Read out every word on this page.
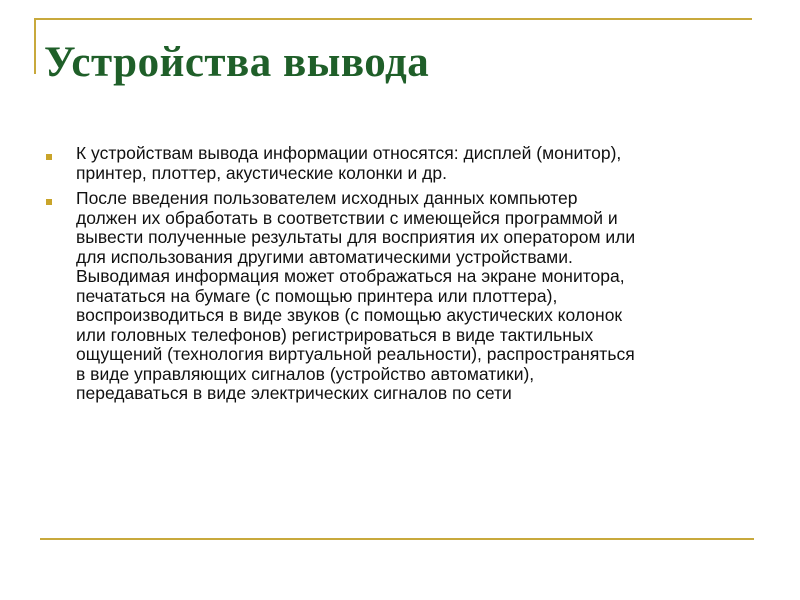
Устройства вывода
К устройствам вывода информации относятся: дисплей (монитор),
принтер, плоттер, акустические колонки и др.
После введения пользователем исходных данных компьютер
должен их обработать в соответствии с имеющейся программой и
вывести полученные результаты для восприятия их оператором или
для использования другими автоматическими устройствами.
Выводимая информация может отображаться на экране монитора,
печататься на бумаге (с помощью принтера или плоттера),
воспроизводиться в виде звуков (с помощью акустических колонок
или головных телефонов) регистрироваться в виде тактильных
ощущений (технология виртуальной реальности), распространяться
в виде управляющих сигналов (устройство автоматики),
передаваться в виде электрических сигналов по сети
